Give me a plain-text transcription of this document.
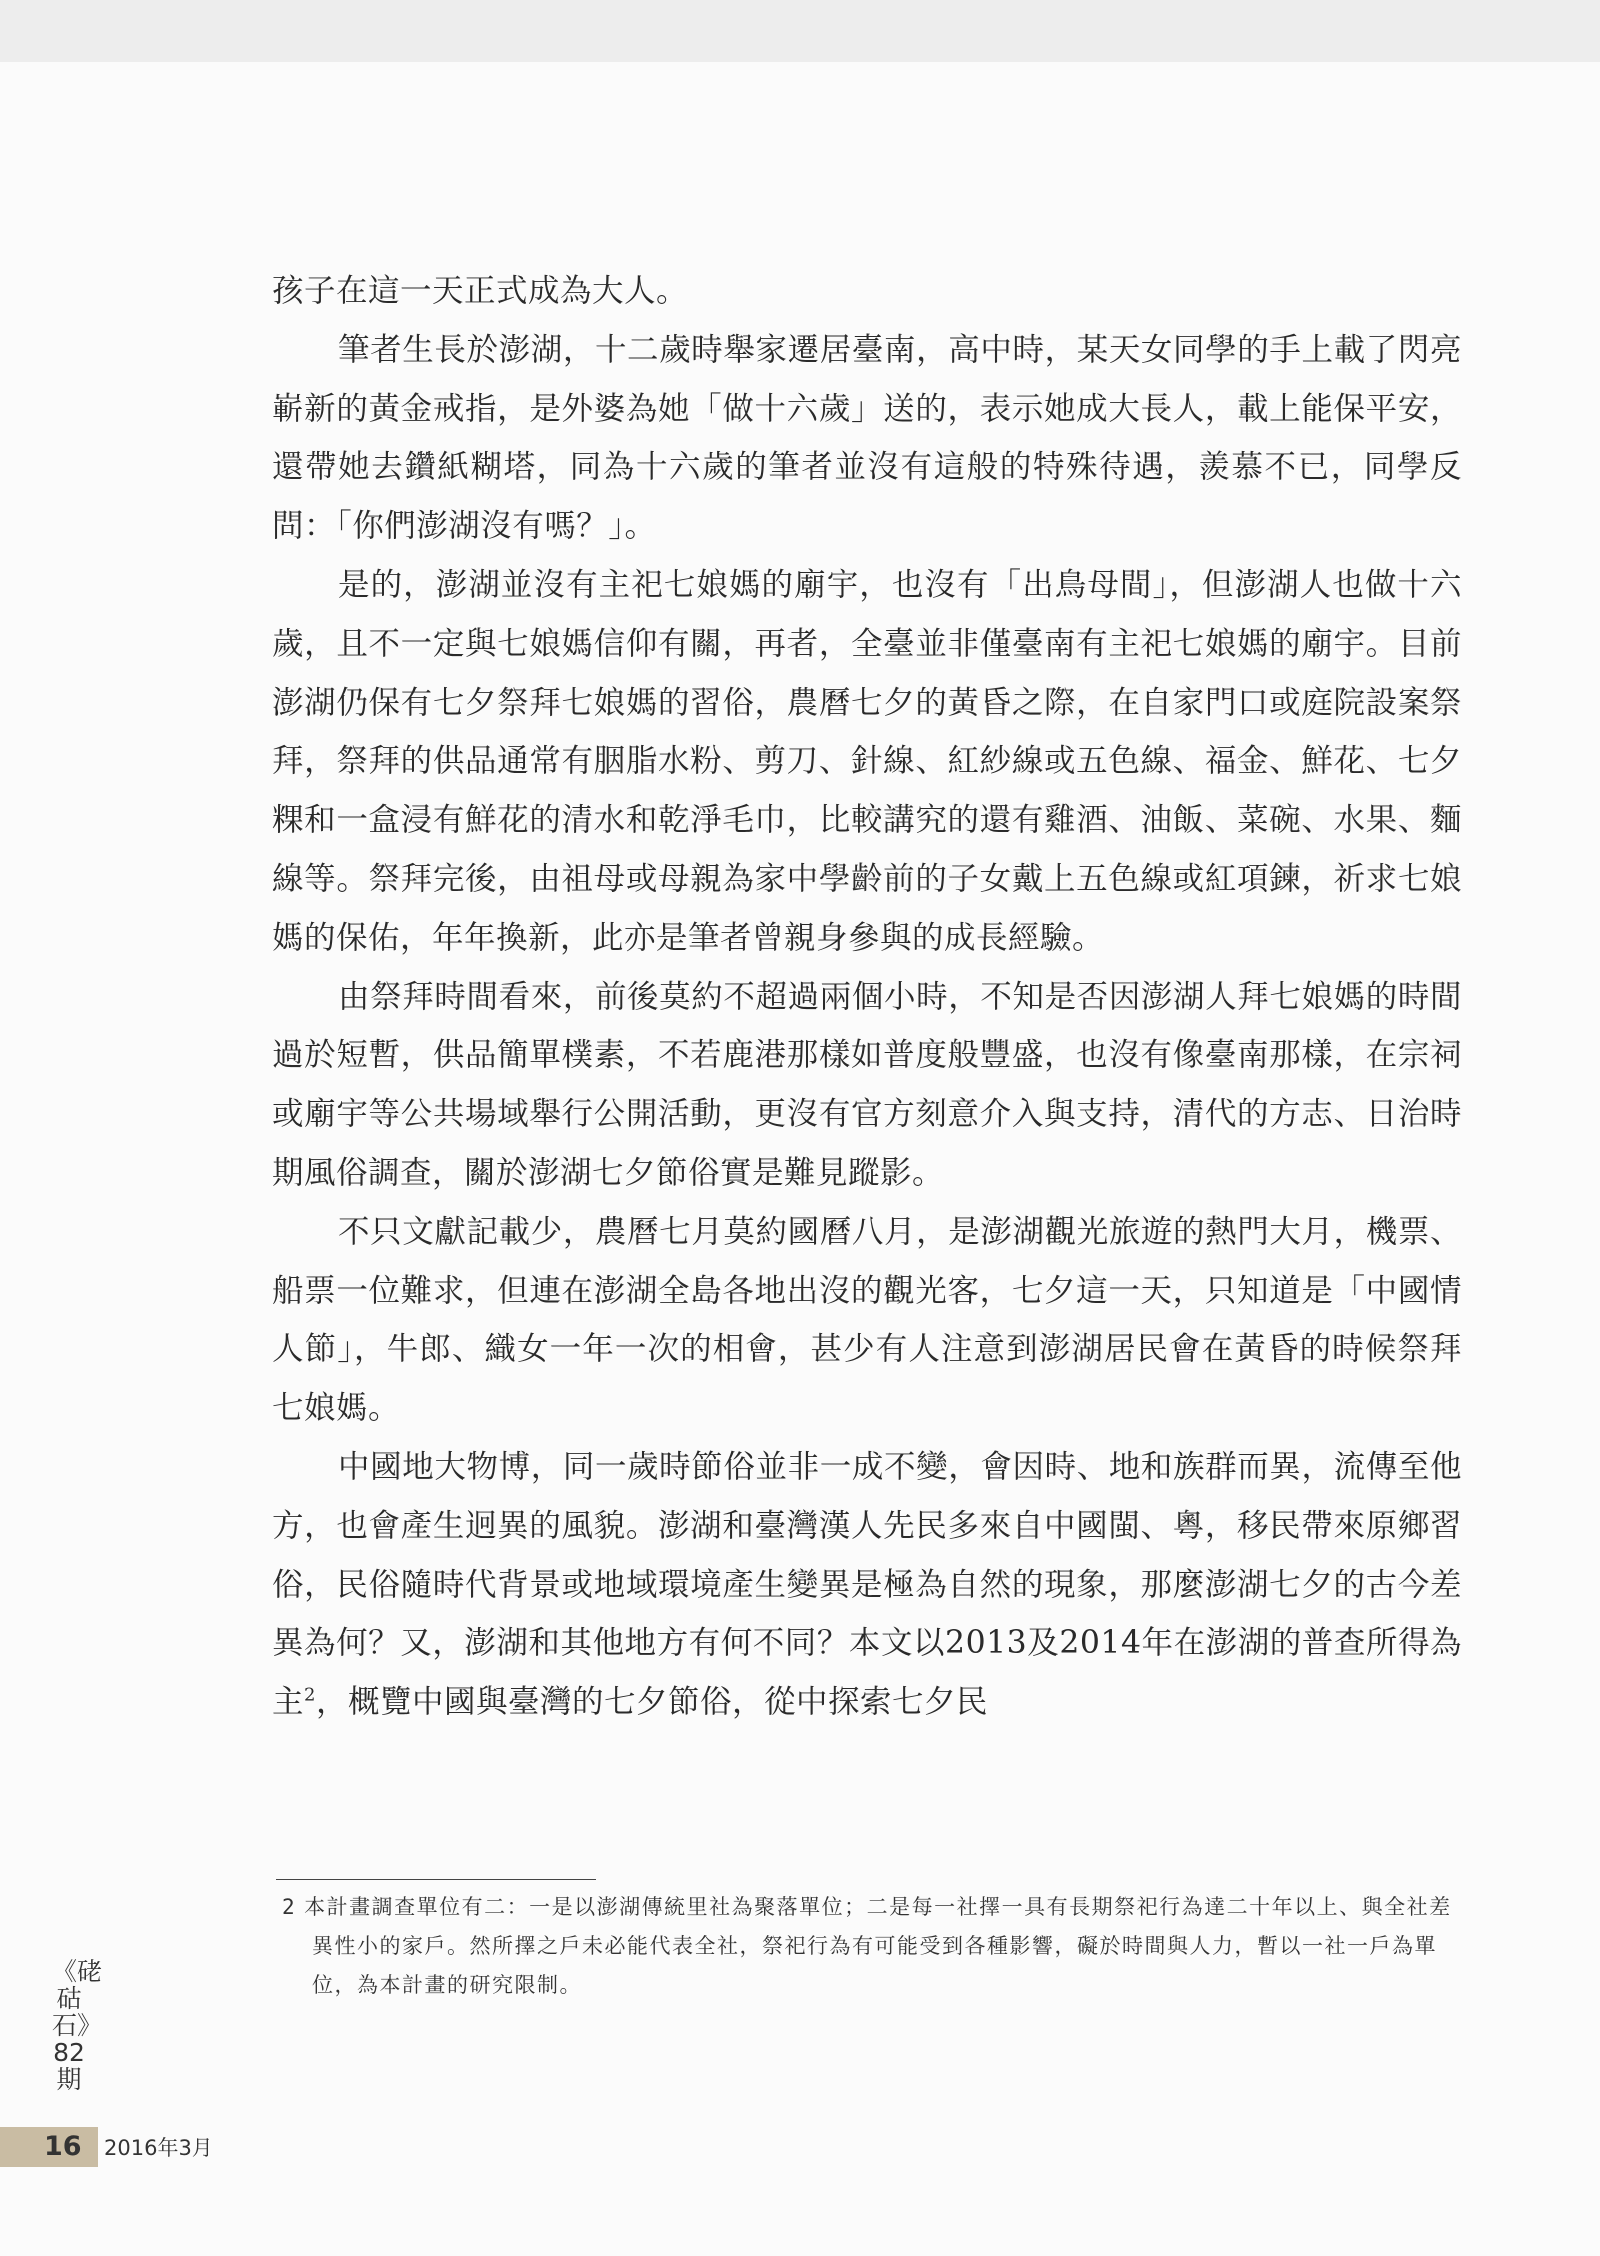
孩子在這一天正式成為大人。

筆者生長於澎湖，十二歲時舉家遷居臺南，高中時，某天女同學的手上載了閃亮嶄新的黃金戒指，是外婆為她「做十六歲」送的，表示她成大長人，載上能保平安，還帶她去鑽紙糊塔，同為十六歲的筆者並沒有這般的特殊待遇，羨慕不已，同學反問：「你們澎湖沒有嗎？」。

是的，澎湖並沒有主祀七娘媽的廟宇，也沒有「出鳥母間」，但澎湖人也做十六歲，且不一定與七娘媽信仰有關，再者，全臺並非僅臺南有主祀七娘媽的廟宇。目前澎湖仍保有七夕祭拜七娘媽的習俗，農曆七夕的黃昏之際，在自家門口或庭院設案祭拜，祭拜的供品通常有胭脂水粉、剪刀、針線、紅紗線或五色線、福金、鮮花、七夕粿和一盒浸有鮮花的清水和乾淨毛巾，比較講究的還有雞酒、油飯、菜碗、水果、麵線等。祭拜完後，由祖母或母親為家中學齡前的子女戴上五色線或紅項鍊，祈求七娘媽的保佑，年年換新，此亦是筆者曾親身參與的成長經驗。

由祭拜時間看來，前後莫約不超過兩個小時，不知是否因澎湖人拜七娘媽的時間過於短暫，供品簡單樸素，不若鹿港那樣如普度般豐盛，也沒有像臺南那樣，在宗祠或廟宇等公共場域舉行公開活動，更沒有官方刻意介入與支持，清代的方志、日治時期風俗調查，關於澎湖七夕節俗實是難見蹤影。

不只文獻記載少，農曆七月莫約國曆八月，是澎湖觀光旅遊的熱門大月，機票、船票一位難求，但連在澎湖全島各地出沒的觀光客，七夕這一天，只知道是「中國情人節」，牛郎、織女一年一次的相會，甚少有人注意到澎湖居民會在黃昏的時候祭拜七娘媽。

中國地大物博，同一歲時節俗並非一成不變，會因時、地和族群而異，流傳至他方，也會產生迥異的風貌。澎湖和臺灣漢人先民多來自中國閩、粵，移民帶來原鄉習俗，民俗隨時代背景或地域環境產生變異是極為自然的現象，那麼澎湖七夕的古今差異為何？又，澎湖和其他地方有何不同？本文以2013及2014年在澎湖的普查所得為主$^2$，概覽中國與臺灣的七夕節俗，從中探索七夕民

2 本計畫調查單位有二：一是以澎湖傳統里社為聚落單位；二是每一社擇一具有長期祭祀行為達二十年以上、與全社差異性小的家戶。然所擇之戶未必能代表全社，祭祀行為有可能受到各種影響，礙於時間與人力，暫以一社一戶為單位，為本計畫的研究限制。
《硓𥑮石》82期
16 2016年3月
